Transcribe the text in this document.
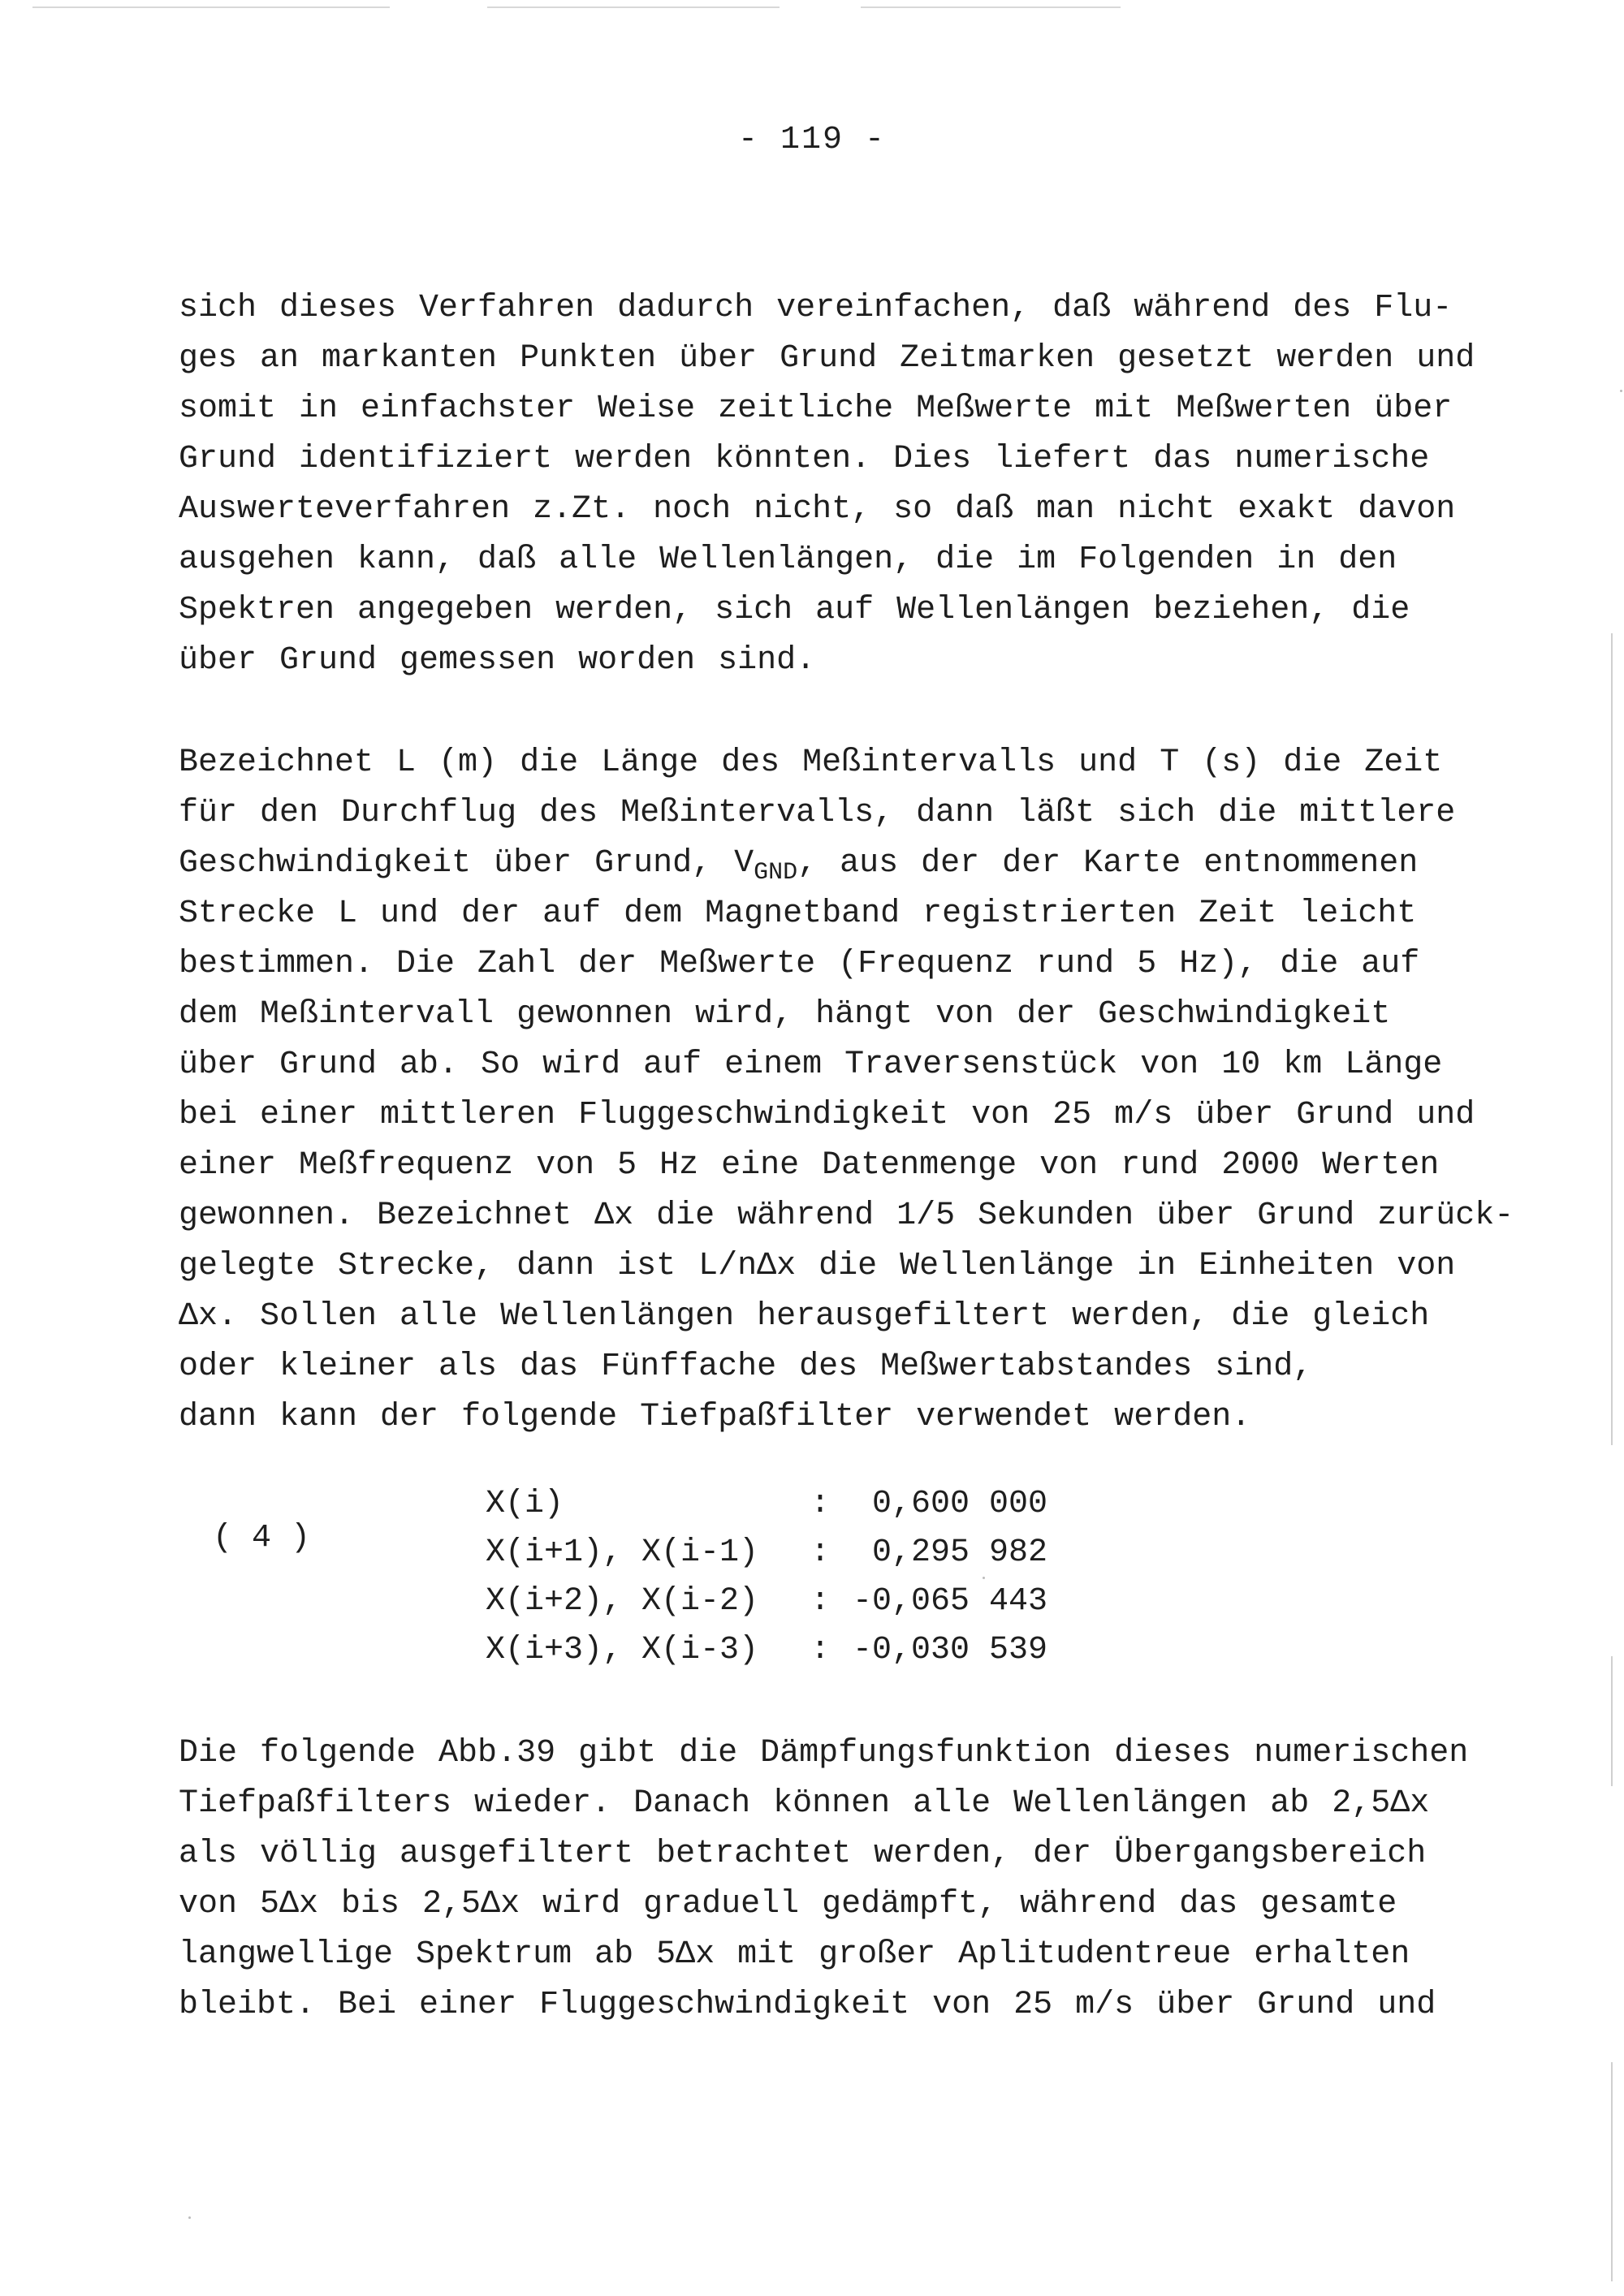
- 119 -
sich dieses Verfahren dadurch vereinfachen, daß während des Flu-
ges an markanten Punkten über Grund Zeitmarken gesetzt werden und
somit in einfachster Weise zeitliche Meßwerte mit Meßwerten über
Grund identifiziert werden könnten. Dies liefert das numerische
Auswerteverfahren z.Zt. noch nicht, so daß man nicht exakt davon
ausgehen kann, daß alle Wellenlängen, die im Folgenden in den
Spektren angegeben werden, sich auf Wellenlängen beziehen, die
über Grund gemessen worden sind.
Bezeichnet L (m) die Länge des Meßintervalls und T (s) die Zeit
für den Durchflug des Meßintervalls, dann läßt sich die mittlere
Geschwindigkeit über Grund, $V_{GND}$, aus der der Karte entnommenen
Strecke L und der auf dem Magnetband registrierten Zeit leicht
bestimmen. Die Zahl der Meßwerte (Frequenz rund 5 Hz), die auf
dem Meßintervall gewonnen wird, hängt von der Geschwindigkeit
über Grund ab. So wird auf einem Traversenstück von 10 km Länge
bei einer mittleren Fluggeschwindigkeit von 25 m/s über Grund und
einer Meßfrequenz von 5 Hz eine Datenmenge von rund 2000 Werten
gewonnen. Bezeichnet Δx die während 1/5 Sekunden über Grund zurück-
gelegte Strecke, dann ist L/nΔx die Wellenlänge in Einheiten von
Δx. Sollen alle Wellenlängen herausgefiltert werden, die gleich
oder kleiner als das Fünffache des Meßwertabstandes sind,
dann kann der folgende Tiefpaßfilter verwendet werden.
( 4 )
X(i)	:	0,600 000
X(i+1), X(i-1)	:	0,295 982
X(i+2), X(i-2)	: -0,065 443
X(i+3), X(i-3)	: -0,030 539
Die folgende Abb.39 gibt die Dämpfungsfunktion dieses numerischen
Tiefpaßfilters wieder. Danach können alle Wellenlängen ab 2,5Δx
als völlig ausgefiltert betrachtet werden, der Übergangsbereich
von 5Δx bis 2,5Δx wird graduell gedämpft, während das gesamte
langwellige Spektrum ab 5Δx mit großer Aplitudentreue erhalten
bleibt. Bei einer Fluggeschwindigkeit von 25 m/s über Grund und
